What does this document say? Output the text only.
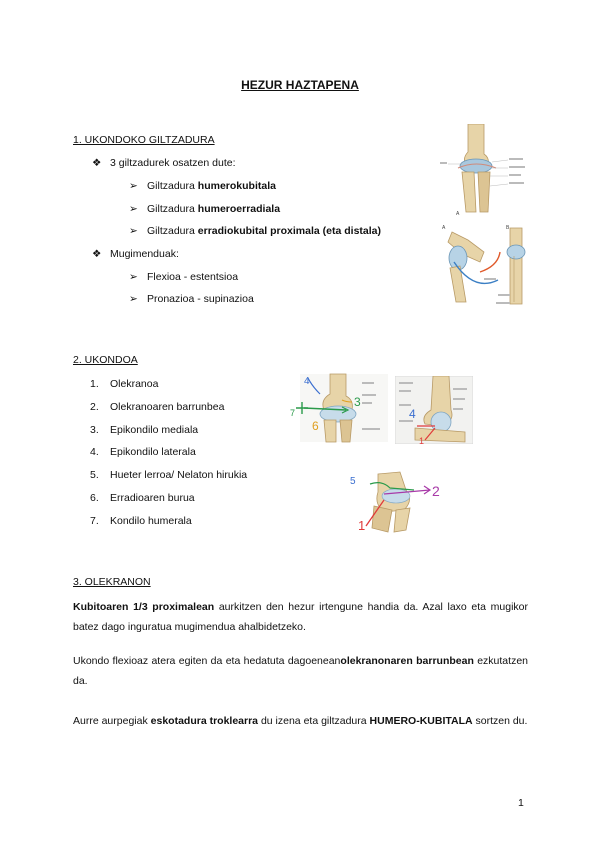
HEZUR HAZTAPENA
1. UKONDOKO GILTZADURA
❖ 3 giltzadurek osatzen dute:
➢ Giltzadura humerokubitala
➢ Giltzadura humeroerradiala
➢ Giltzadura erradiokubital proximala (eta distala)
❖ Mugimenduak:
➢ Flexioa - estentsioa
➢ Pronazioa - supinazioa
A
A	B
2. UKONDOA
1. Olekranoa
2. Olekranoaren barrunbea
3. Epikondilo mediala
4. Epikondilo laterala
5. Hueter lerroa/ Nelaton hirukia
6. Erradioaren burua
7. Kondilo humerala
4
3
6
7	4
1
5
2
1
3. OLEKRANON
Kubitoaren 1/3 proximalean aurkitzen den hezur irtengune handia da. Azal laxo eta mugikor batez dago inguratua mugimendua ahalbidetzeko.
Ukondo flexioaz atera egiten da eta hedatuta dagoeneanolekranonaren barrunbean ezkutatzen da.
Aurre aurpegiak eskotadura troklearra du izena eta giltzadura HUMERO-KUBITALA sortzen du.
1
